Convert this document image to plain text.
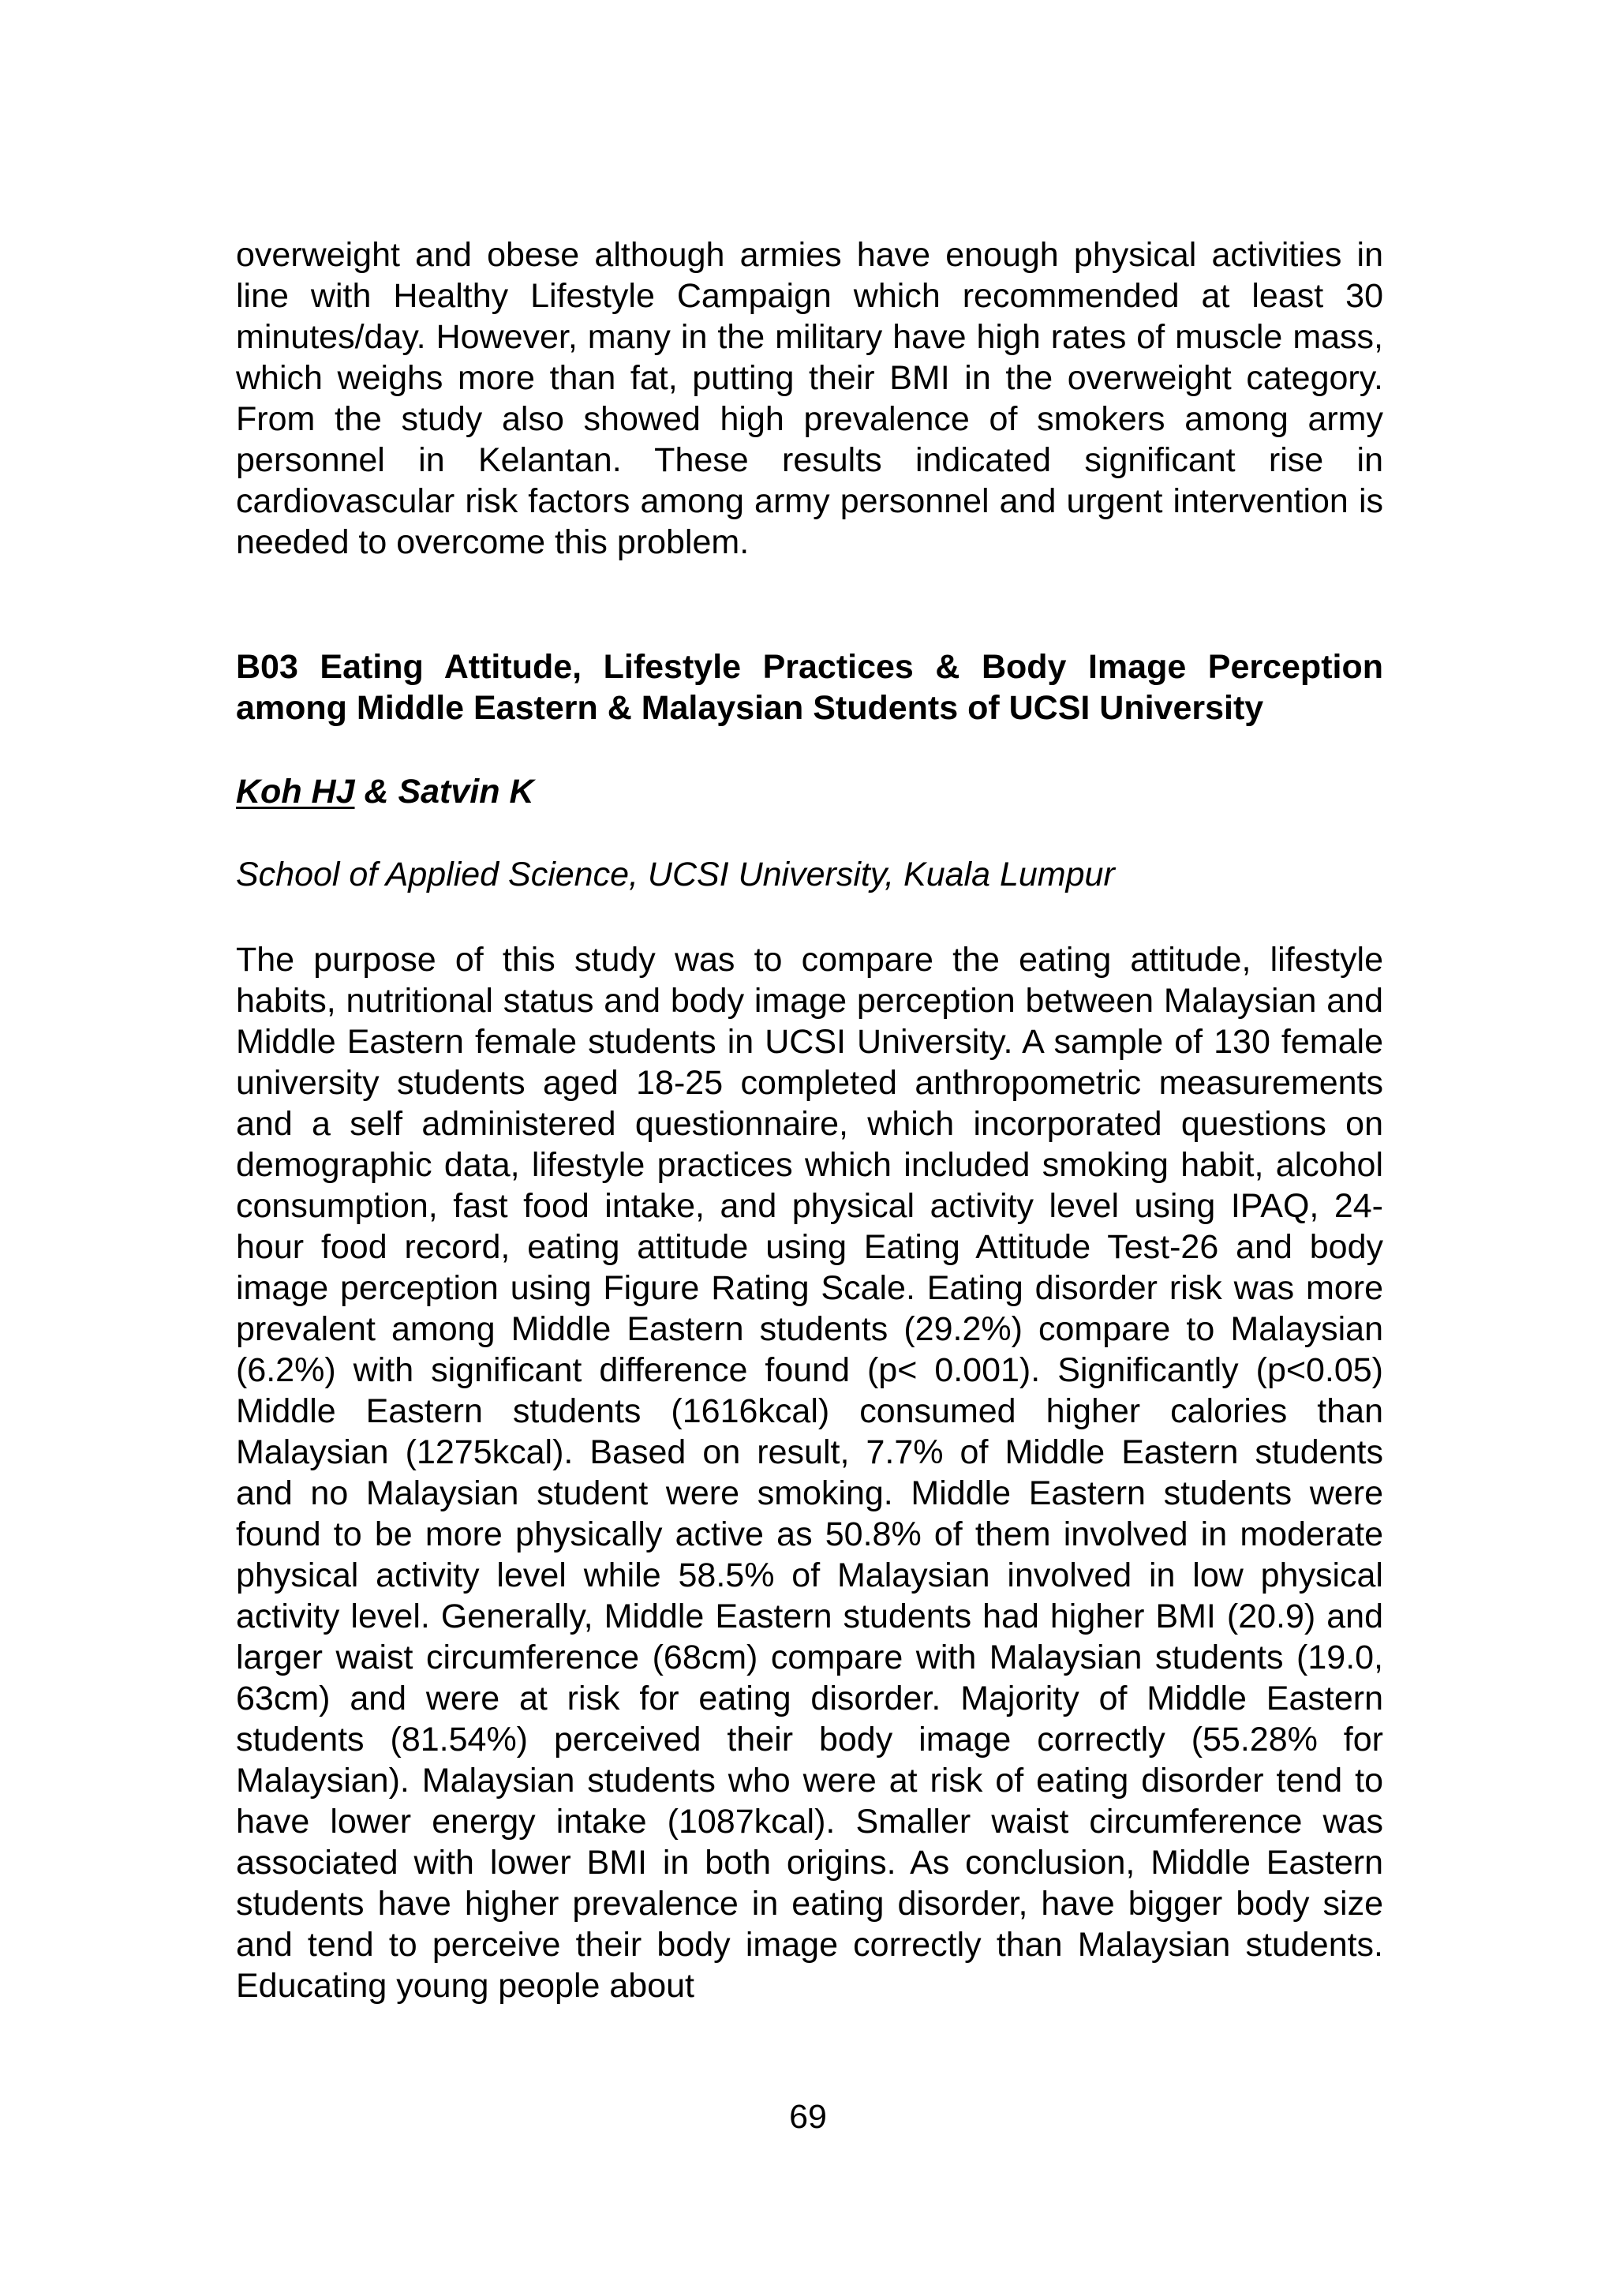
overweight and obese although armies have enough physical activities in line with Healthy Lifestyle Campaign which recommended at least 30 minutes/day. However, many in the military have high rates of muscle mass, which weighs more than fat, putting their BMI in the overweight category. From the study also showed high prevalence of smokers among army personnel in Kelantan. These results indicated significant rise in cardiovascular risk factors among army personnel and urgent intervention is needed to overcome this problem.

B03 Eating Attitude, Lifestyle Practices & Body Image Perception among Middle Eastern & Malaysian Students of UCSI University

Koh HJ & Satvin K

School of Applied Science, UCSI University, Kuala Lumpur

The purpose of this study was to compare the eating attitude, lifestyle habits, nutritional status and body image perception between Malaysian and Middle Eastern female students in UCSI University. A sample of 130 female university students aged 18-25 completed anthropometric measurements and a self administered questionnaire, which incorporated questions on demographic data, lifestyle practices which included smoking habit, alcohol consumption, fast food intake, and physical activity level using IPAQ, 24-hour food record, eating attitude using Eating Attitude Test-26 and body image perception using Figure Rating Scale. Eating disorder risk was more prevalent among Middle Eastern students (29.2%) compare to Malaysian (6.2%) with significant difference found (p< 0.001). Significantly (p<0.05) Middle Eastern students (1616kcal) consumed higher calories than Malaysian (1275kcal). Based on result, 7.7% of Middle Eastern students and no Malaysian student were smoking. Middle Eastern students were found to be more physically active as 50.8% of them involved in moderate physical activity level while 58.5% of Malaysian involved in low physical activity level. Generally, Middle Eastern students had higher BMI (20.9) and larger waist circumference (68cm) compare with Malaysian students (19.0, 63cm) and were at risk for eating disorder. Majority of Middle Eastern students (81.54%) perceived their body image correctly (55.28% for Malaysian). Malaysian students who were at risk of eating disorder tend to have lower energy intake (1087kcal). Smaller waist circumference was associated with lower BMI in both origins. As conclusion, Middle Eastern students have higher prevalence in eating disorder, have bigger body size and tend to perceive their body image correctly than Malaysian students. Educating young people about

69
